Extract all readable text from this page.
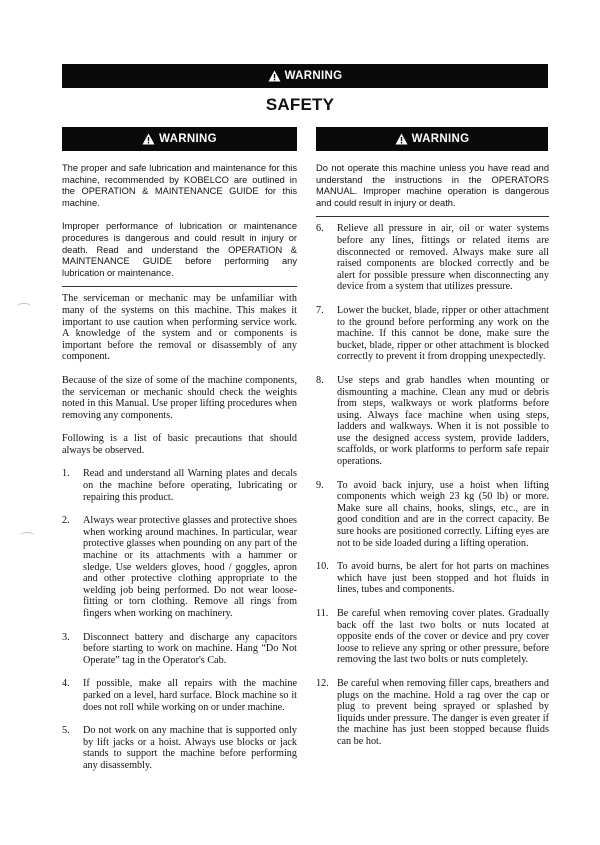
WARNING
SAFETY
WARNING	WARNING

The proper and safe lubrication and maintenance for this machine, recommended by KOBELCO are outlined in the OPERATION & MAINTENANCE GUIDE for this machine.

Improper performance of lubrication or maintenance procedures is dangerous and could result in injury or death. Read and understand the OPERATION & MAINTENANCE GUIDE before performing any lubrication or maintenance.

The serviceman or mechanic may be unfamiliar with many of the systems on this machine. This makes it important to use caution when performing service work. A knowledge of the system and or components is important before the removal or disassembly of any component.

Because of the size of some of the machine components, the serviceman or mechanic should check the weights noted in this Manual. Use proper lifting procedures when removing any components.

Following is a list of basic precautions that should always be observed.

1.	Read and understand all Warning plates and decals on the machine before operating, lubricating or repairing this product.
2.	Always wear protective glasses and protective shoes when working around machines. In particular, wear protective glasses when pounding on any part of the machine or its attachments with a hammer or sledge. Use welders gloves, hood / goggles, apron and other protective clothing appropriate to the welding job being performed. Do not wear loose-fitting or torn clothing. Remove all rings from fingers when working on machinery.
3.	Disconnect battery and discharge any capacitors before starting to work on machine. Hang “Do Not Operate” tag in the Operator's Cab.
4.	If possible, make all repairs with the machine parked on a level, hard surface. Block machine so it does not roll while working on or under machine.
5.	Do not work on any machine that is supported only by lift jacks or a hoist. Always use blocks or jack stands to support the machine before performing any disassembly.

Do not operate this machine unless you have read and understand the instructions in the OPERATORS MANUAL. Improper machine operation is dangerous and could result in injury or death.

6.	Relieve all pressure in air, oil or water systems before any lines, fittings or related items are disconnected or removed. Always make sure all raised components are blocked correctly and be alert for possible pressure when disconnecting any device from a system that utilizes pressure.
7.	Lower the bucket, blade, ripper or other attachment to the ground before performing any work on the machine. If this cannot be done, make sure the bucket, blade, ripper or other attachment is blocked correctly to prevent it from dropping unexpectedly.
8.	Use steps and grab handles when mounting or dismounting a machine. Clean any mud or debris from steps, walkways or work platforms before using. Always face machine when using steps, ladders and walkways. When it is not possible to use the designed access system, provide ladders, scaffolds, or work platforms to perform safe repair operations.
9.	To avoid back injury, use a hoist when lifting components which weigh 23 kg (50 lb) or more. Make sure all chains, hooks, slings, etc., are in good condition and are in the correct capacity. Be sure hooks are positioned correctly. Lifting eyes are not to be side loaded during a lifting operation.
10. To avoid burns, be alert for hot parts on machines which have just been stopped and hot fluids in lines, tubes and components.
11. Be careful when removing cover plates. Gradually back off the last two bolts or nuts located at opposite ends of the cover or device and pry cover loose to relieve any spring or other pressure, before removing the last two bolts or nuts completely.
12. Be careful when removing filler caps, breathers and plugs on the machine. Hold a rag over the cap or plug to prevent being sprayed or splashed by liquids under pressure. The danger is even greater if the machine has just been stopped because fluids can be hot.
